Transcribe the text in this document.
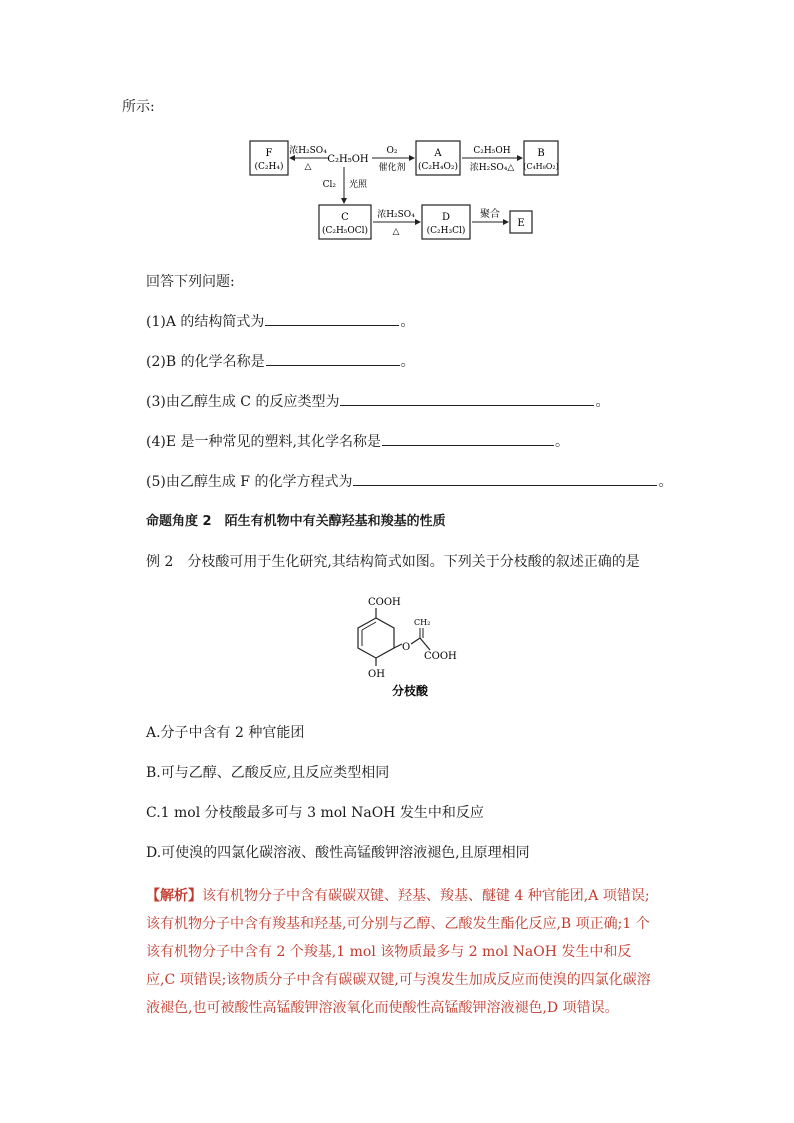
所示:
F
(C₂H₄)
浓H₂SO₄
△
C₂H₅OH
O₂
催化剂
A
(C₂H₄O₂)
C₂H₅OH
浓H₂SO₄△
B
(C₄H₈O₂)
Cl₂ 光照
C
(C₂H₅OCl)
浓H₂SO₄
△
D
(C₂H₃Cl)
聚合
E
回答下列问题:
(1)A 的结构简式为	。
(2)B 的化学名称是	。
(3)由乙醇生成 C 的反应类型为	。
(4)E 是一种常见的塑料,其化学名称是	。
(5)由乙醇生成 F 的化学方程式为	。
命题角度 2　陌生有机物中有关醇羟基和羧基的性质
例 2　分枝酸可用于生化研究,其结构简式如图。下列关于分枝酸的叙述正确的是
COOH
OH
O
CH₂
COOH
分枝酸
A.分子中含有 2 种官能团
B.可与乙醇、乙酸反应,且反应类型相同
C.1 mol 分枝酸最多可与 3 mol NaOH 发生中和反应
D.可使溴的四氯化碳溶液、酸性高锰酸钾溶液褪色,且原理相同
【解析】该有机物分子中含有碳碳双键、羟基、羧基、醚键 4 种官能团,A 项错误;该有机物分子中含有羧基和羟基,可分别与乙醇、乙酸发生酯化反应,B 项正确;1 个该有机物分子中含有 2 个羧基,1 mol 该物质最多与 2 mol NaOH 发生中和反应,C 项错误;该物质分子中含有碳碳双键,可与溴发生加成反应而使溴的四氯化碳溶液褪色,也可被酸性高锰酸钾溶液氧化而使酸性高锰酸钾溶液褪色,D 项错误。
